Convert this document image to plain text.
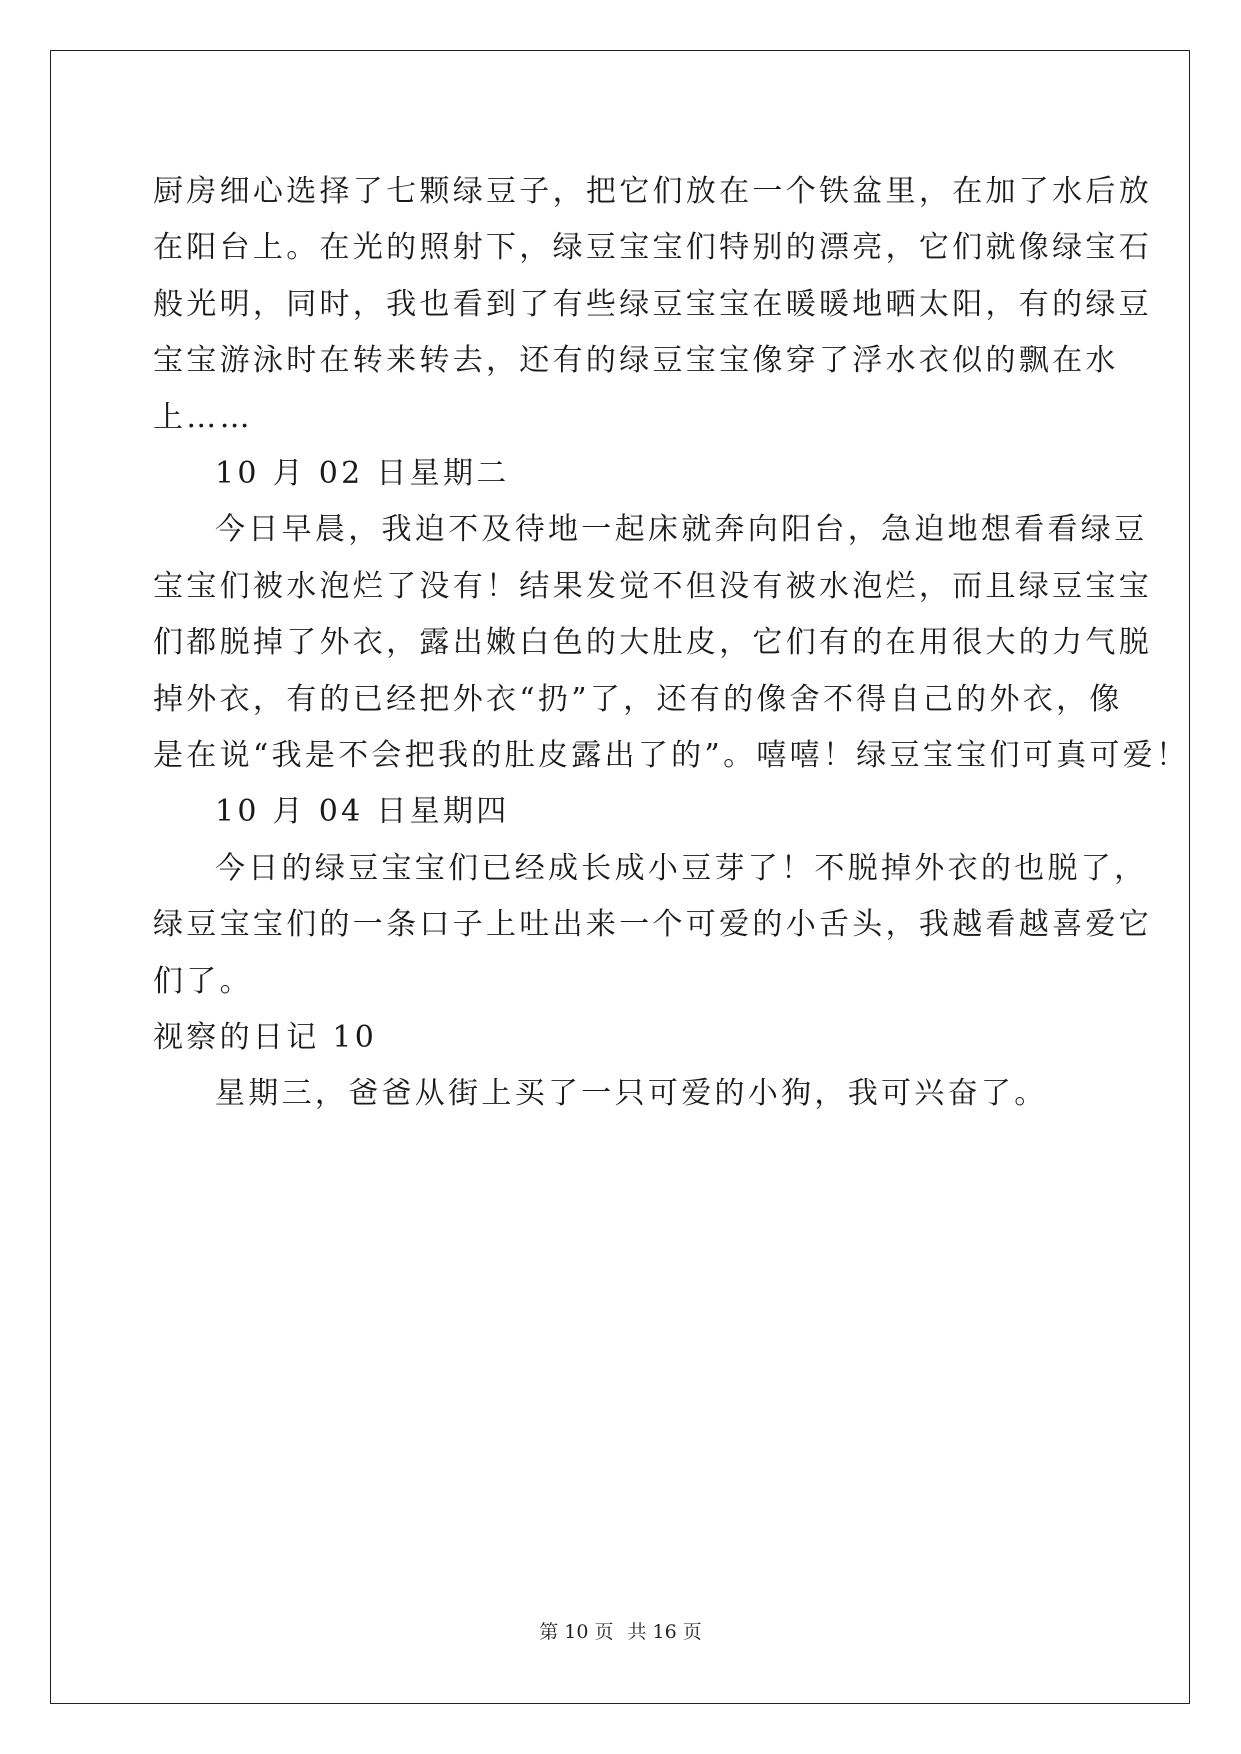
厨房细心选择了七颗绿豆子，把它们放在一个铁盆里，在加了水后放
在阳台上。在光的照射下，绿豆宝宝们特别的漂亮，它们就像绿宝石
般光明，同时，我也看到了有些绿豆宝宝在暖暖地晒太阳，有的绿豆
宝宝游泳时在转来转去，还有的绿豆宝宝像穿了浮水衣似的飘在水
上……
10 月 02 日星期二
今日早晨，我迫不及待地一起床就奔向阳台，急迫地想看看绿豆
宝宝们被水泡烂了没有！结果发觉不但没有被水泡烂，而且绿豆宝宝
们都脱掉了外衣，露出嫩白色的大肚皮，它们有的在用很大的力气脱
掉外衣，有的已经把外衣“扔”了，还有的像舍不得自己的外衣，像
是在说“我是不会把我的肚皮露出了的”。嘻嘻！绿豆宝宝们可真可爱！
10 月 04 日星期四
今日的绿豆宝宝们已经成长成小豆芽了！不脱掉外衣的也脱了，
绿豆宝宝们的一条口子上吐出来一个可爱的小舌头，我越看越喜爱它
们了。
视察的日记 10
星期三，爸爸从街上买了一只可爱的小狗，我可兴奋了。
第 10 页 共 16 页
